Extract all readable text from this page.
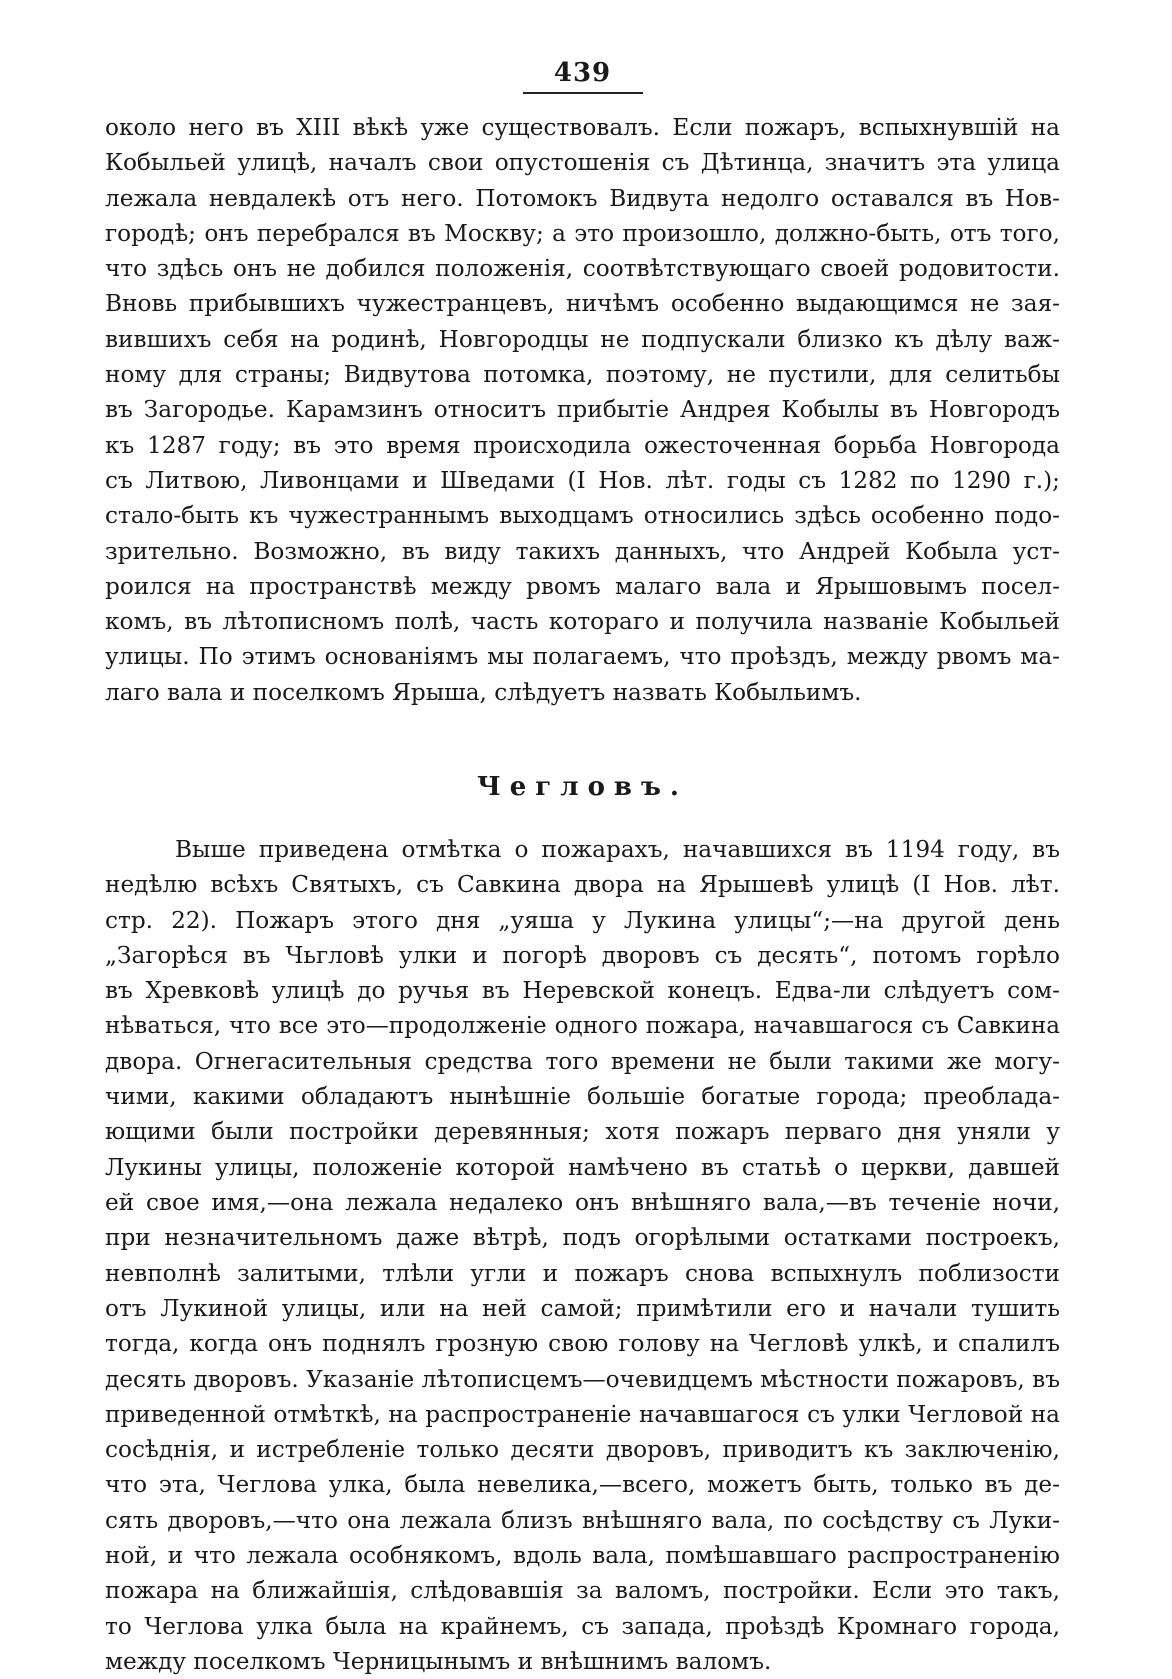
439
около него въ XIII вѣкѣ уже существовалъ. Если пожаръ, вспыхнувшій на
Кобыльей улицѣ, началъ свои опустошенія съ Дѣтинца, значитъ эта улица
лежала невдалекѣ отъ него. Потомокъ Видвута недолго оставался въ Нов-
городѣ; онъ перебрался въ Москву; а это произошло, должно-быть, отъ того,
что здѣсь онъ не добился положенія, соотвѣтствующаго своей родовитости.
Вновь прибывшихъ чужестранцевъ, ничѣмъ особенно выдающимся не зая-
вившихъ себя на родинѣ, Новгородцы не подпускали близко къ дѣлу важ-
ному для страны; Видвутова потомка, поэтому, не пустили, для селитьбы
въ Загородье. Карамзинъ относитъ прибытіе Андрея Кобылы въ Новгородъ
къ 1287 году; въ это время происходила ожесточенная борьба Новгорода
съ Литвою, Ливонцами и Шведами (I Нов. лѣт. годы съ 1282 по 1290 г.);
стало-быть къ чужестраннымъ выходцамъ относились здѣсь особенно подо-
зрительно. Возможно, въ виду такихъ данныхъ, что Андрей Кобыла уст-
роился на пространствѣ между рвомъ малаго вала и Ярышовымъ посел-
комъ, въ лѣтописномъ полѣ, часть котораго и получила названіе Кобыльей
улицы. По этимъ основаніямъ мы полагаемъ, что проѣздъ, между рвомъ ма-
лаго вала и поселкомъ Ярыша, слѣдуетъ назвать Кобыльимъ.
Чегловъ.
Выше приведена отмѣтка о пожарахъ, начавшихся въ 1194 году, въ
недѣлю всѣхъ Святыхъ, съ Савкина двора на Ярышевѣ улицѣ (I Нов. лѣт.
стр. 22). Пожаръ этого дня „уяша у Лукина улицы“;—на другой день
„Загорѣся въ Чьгловѣ улки и погорѣ дворовъ съ десять“, потомъ горѣло
въ Хревковѣ улицѣ до ручья въ Неревской конецъ. Едва-ли слѣдуетъ сом-
нѣваться, что все это—продолженіе одного пожара, начавшагося съ Савкина
двора. Огнегасительныя средства того времени не были такими же могу-
чими, какими обладаютъ нынѣшніе большіе богатые города; преоблада-
ющими были постройки деревянныя; хотя пожаръ перваго дня уняли у
Лукины улицы, положеніе которой намѣчено въ статьѣ о церкви, давшей
ей свое имя,—она лежала недалеко онъ внѣшняго вала,—въ теченіе ночи,
при незначительномъ даже вѣтрѣ, подъ огорѣлыми остатками построекъ,
невполнѣ залитыми, тлѣли угли и пожаръ снова вспыхнулъ поблизости
отъ Лукиной улицы, или на ней самой; примѣтили его и начали тушить
тогда, когда онъ поднялъ грозную свою голову на Чегловѣ улкѣ, и спалилъ
десять дворовъ. Указаніе лѣтописцемъ—очевидцемъ мѣстности пожаровъ, въ
приведенной отмѣткѣ, на распространеніе начавшагося съ улки Чегловой на
сосѣднія, и истребленіе только десяти дворовъ, приводитъ къ заключенію,
что эта, Чеглова улка, была невелика,—всего, можетъ быть, только въ де-
сять дворовъ,—что она лежала близъ внѣшняго вала, по сосѣдству съ Луки-
ной, и что лежала особнякомъ, вдоль вала, помѣшавшаго распространенію
пожара на ближайшія, слѣдовавшія за валомъ, постройки. Если это такъ,
то Чеглова улка была на крайнемъ, съ запада, проѣздѣ Кромнаго города,
между поселкомъ Черницынымъ и внѣшнимъ валомъ.
